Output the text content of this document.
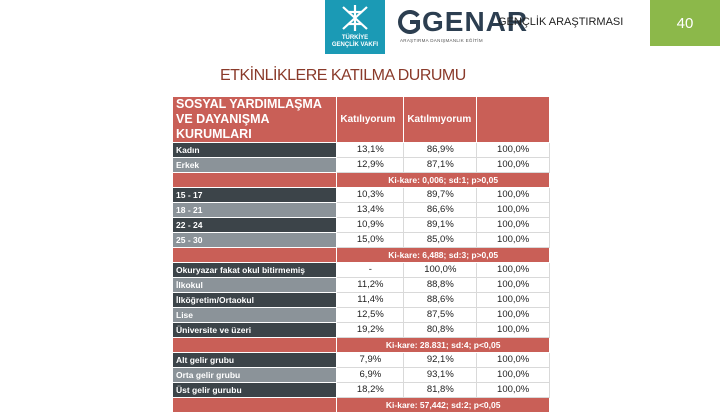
TÜRKİYE
GENÇLİK VAKFI
GENAR
ARAŞTIRMA DANIŞMANLIK EĞİTİM
GENÇLİK ARAŞTIRMASI	40
ETKİNLİKLERE KATILMA DURUMU
SOSYAL YARDIMLAŞMA VE DAYANIŞMA KURUMLARI	Katılıyorum	Katılmıyorum	
Kadın	13,1%	86,9%	100,0%
Erkek	12,9%	87,1%	100,0%
	Ki-kare: 0,006; sd:1; p>0,05		
15 - 17	10,3%	89,7%	100,0%
18 - 21	13,4%	86,6%	100,0%
22 - 24	10,9%	89,1%	100,0%
25 - 30	15,0%	85,0%	100,0%
	Ki-kare: 6,488; sd:3; p>0,05		
Okuryazar fakat okul bitirmemiş	-	100,0%	100,0%
İlkokul	11,2%	88,8%	100,0%
İlköğretim/Ortaokul	11,4%	88,6%	100,0%
Lise	12,5%	87,5%	100,0%
Üniversite ve üzeri	19,2%	80,8%	100,0%
	Ki-kare: 28.831; sd:4; p<0,05		
Alt gelir grubu	7,9%	92,1%	100,0%
Orta gelir grubu	6,9%	93,1%	100,0%
Üst gelir gurubu	18,2%	81,8%	100,0%
	Ki-kare: 57,442; sd:2; p<0,05		
